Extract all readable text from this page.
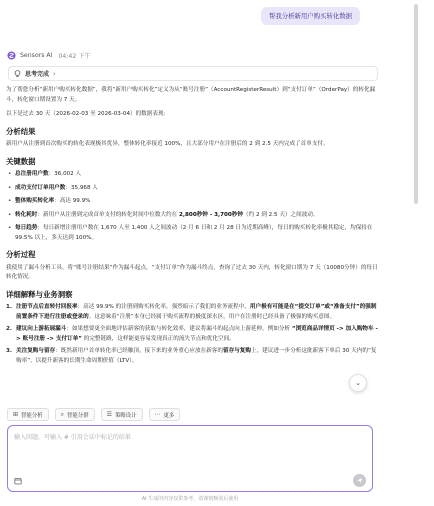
帮我分析新用户购买转化数据
Sensors AI 04:42 下午
思考完成 ›

为了帮您分析“新用户购买转化数据”，我将“新用户购买转化”定义为从“账号注册”（AccountRegisterResult）到“支付订单”（OrderPay）的转化漏斗，转化窗口期设置为 7 天。

以下是过去 30 天（2026-02-03 至 2026-03-04）的数据表现：

分析结果

新用户从注册到首次购买的转化表现极其优异，整体转化率接近 100%，且大部分用户在注册后的 2 到 2.5 天内完成了首单支付。

关键数据
• 总注册用户数：36,002 人
• 成功支付订单用户数：35,968 人
• 整体购买转化率：高达 99.9%
• 转化耗时：新用户从注册到完成首单支付的转化时间中位数大约在 2,800秒钟 - 3,700秒钟（约 2 到 2.5 天）之间波动。
• 每日趋势：每日新增注册用户数在 1,670 人至 1,400 人之间波动（2 月 6 日和 2 月 28 日为近期高峰），每日的购买转化率极其稳定，均保持在 99.5% 以上，多天达到 100%。
分析过程

我使用了漏斗分析工具，将“账号注册结果”作为漏斗起点，“支付订单”作为漏斗终点，查询了过去 30 天内，转化窗口期为 7 天（10080分钟）的每日转化情况。

详细解释与业务洞察
1. 注册节点后直转付回报率：高达 99.9% 的注册到购买转化率，强烈暗示了我们的业务流程中，用户极有可能是在“提交订单”或“准备支付”的强制前置条件下进行注册或登录的。这意味着“注册”本身已经属于购买流程的极度深水区，用户在注册时已经具备了极强的购买意图。
2. 建议向上游拓展漏斗：如果想要更全面地评估新客的获取与转化效率，建议将漏斗的起点向上游延伸，例如分析 “浏览商品详情页 -> 加入购物车 -> 账号注册 -> 支付订单” 的完整链路，这样能更容易发现真正的流失节点和优化空间。
3. 关注复购与留存：既然新用户首单转化率已经触顶，接下来的业务重心应放在新客的留存与复购上。建议进一步分析这批新客下单后 30 天内的“复购率”，以提升新客的长期生命周期价值（LTV）。
⌄
⊞ 智能分析	⌕ 智能分群	☰ 策略设计	⋯ 更多
输入问题，可输入 # 引用会话中标记的结果
AI 生成的内容仅供参考，请谨慎甄别后使用
